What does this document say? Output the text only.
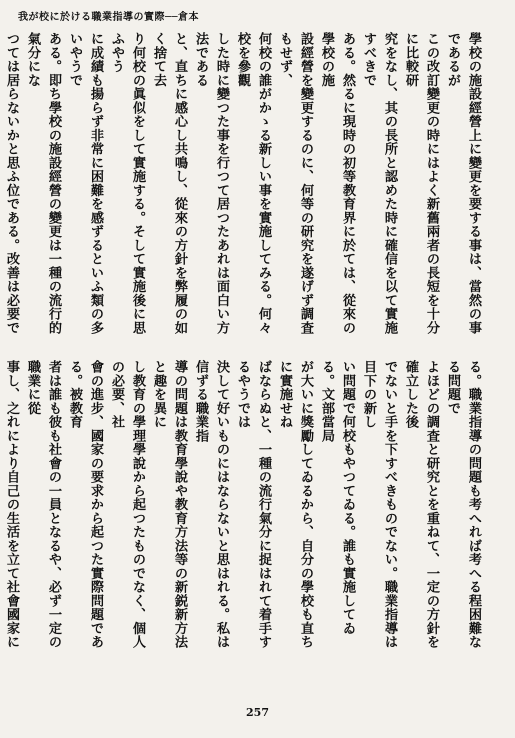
我が校に於ける職業指導の實際──倉本

學校の施設經營上に變更を要する事は、當然の事であるが

この改訂變更の時にはよく新舊兩者の長短を十分に比較研

究をなし、其の長所と認めた時に確信を以て實施すべきで

ある。然るに現時の初等教育界に於ては、從來の學校の施

設經營を變更するのに、何等の研究を遂げず調査もせず、

何校の誰がかゝる新しい事を實施してみる。何々校を參觀

した時に變つた事を行つて居つたあれは面白い方法である

と、直ちに感心し共鳴し、從來の方針を弊履の如く捨て去

り何校の眞似をして實施する。そして實施後に思ふやう

に成績も揚らず非常に困難を感ずるといふ類の多いやうで

ある。即ち學校の施設經營の變更は一種の流行的氣分にな

つては居らないかと思ふ位である。改善は必要で

る。職業指導の問題も考へれば考へる程困難なる問題で

よほどの調査と研究とを重ねて、一定の方針を確立した後

でないと手を下すべきものでない。職業指導は目下の新し

い問題で何校もやつてゐる。誰も實施してゐる。文部當局

が大いに獎勵してゐるから、自分の學校も直ちに實施せね

ばならぬと、一種の流行氣分に捉はれて着手するやうでは

決して好いものにはならないと思はれる。私は信ずる職業指

導の問題は教育學說や教育方法等の新鋭新方法と趣を異に

し教育の學理學說から起つたものでなく、個人の必要、社

會の進步、國家の要求から起つた實際問題である。被教育

者は誰も彼も社會の一員となるや、必ず一定の職業に從

事し、之れにより自己の生活を立て社會國家に

257
